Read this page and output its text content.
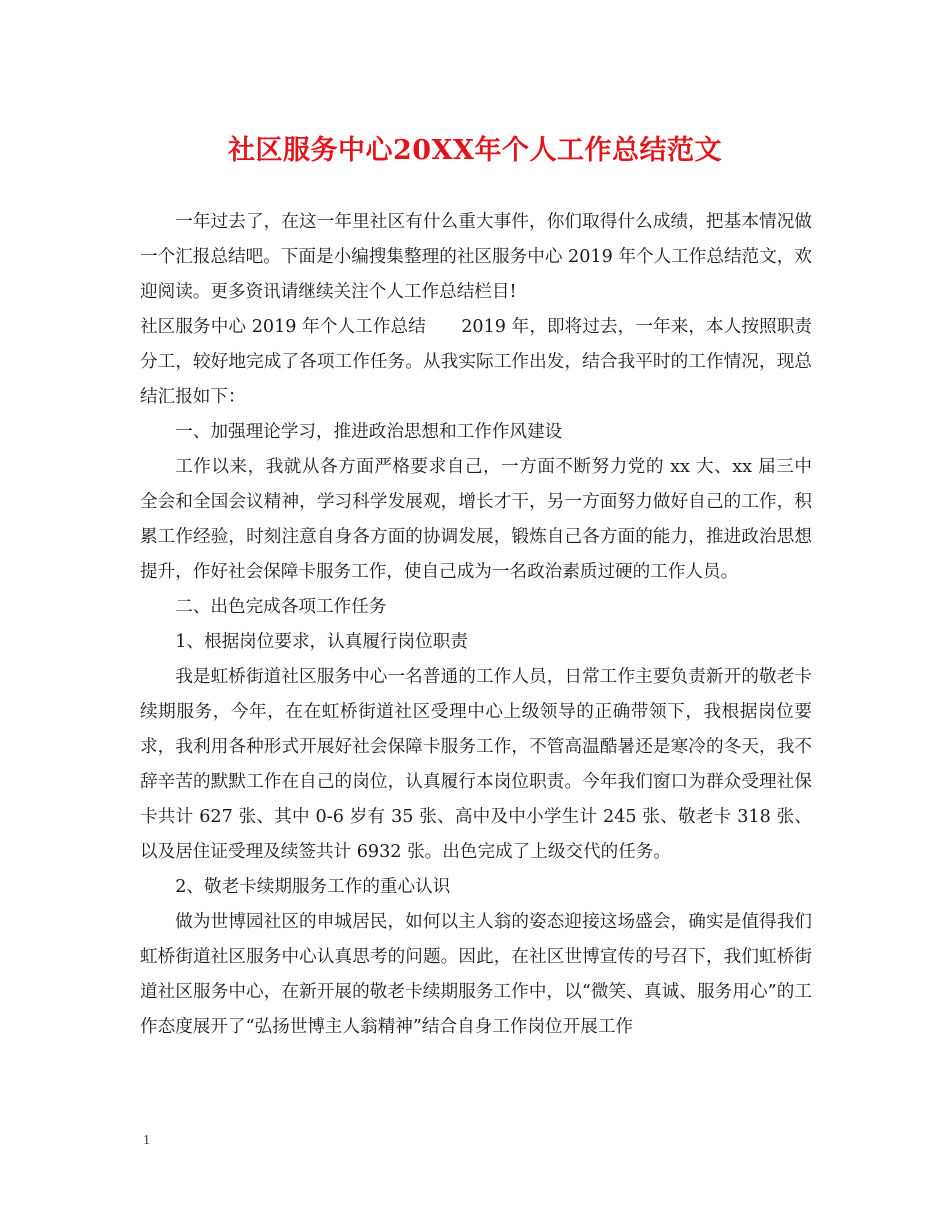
社区服务中心20XX年个人工作总结范文

一年过去了，在这一年里社区有什么重大事件，你们取得什么成绩，把基本情况做一个汇报总结吧。下面是小编搜集整理的社区服务中心 2019 年个人工作总结范文，欢迎阅读。更多资讯请继续关注个人工作总结栏目!

社区服务中心 2019 年个人工作总结　　2019 年，即将过去，一年来，本人按照职责分工，较好地完成了各项工作任务。从我实际工作出发，结合我平时的工作情况，现总结汇报如下：

一、加强理论学习，推进政治思想和工作作风建设

工作以来，我就从各方面严格要求自己，一方面不断努力党的 xx 大、xx 届三中全会和全国会议精神，学习科学发展观，增长才干，另一方面努力做好自己的工作，积累工作经验，时刻注意自身各方面的协调发展，锻炼自己各方面的能力，推进政治思想提升，作好社会保障卡服务工作，使自己成为一名政治素质过硬的工作人员。

二、出色完成各项工作任务

1、根据岗位要求，认真履行岗位职责

我是虹桥街道社区服务中心一名普通的工作人员，日常工作主要负责新开的敬老卡续期服务，今年，在在虹桥街道社区受理中心上级领导的正确带领下，我根据岗位要求，我利用各种形式开展好社会保障卡服务工作，不管高温酷暑还是寒冷的冬天，我不辞辛苦的默默工作在自己的岗位，认真履行本岗位职责。今年我们窗口为群众受理社保卡共计 627 张、其中 0-6 岁有 35 张、高中及中小学生计 245 张、敬老卡 318 张、以及居住证受理及续签共计 6932 张。出色完成了上级交代的任务。

2、敬老卡续期服务工作的重心认识

做为世博园社区的申城居民，如何以主人翁的姿态迎接这场盛会，确实是值得我们虹桥街道社区服务中心认真思考的问题。因此，在社区世博宣传的号召下，我们虹桥街道社区服务中心，在新开展的敬老卡续期服务工作中，以“微笑、真诚、服务用心”的工作态度展开了“弘扬世博主人翁精神”结合自身工作岗位开展工作

1
